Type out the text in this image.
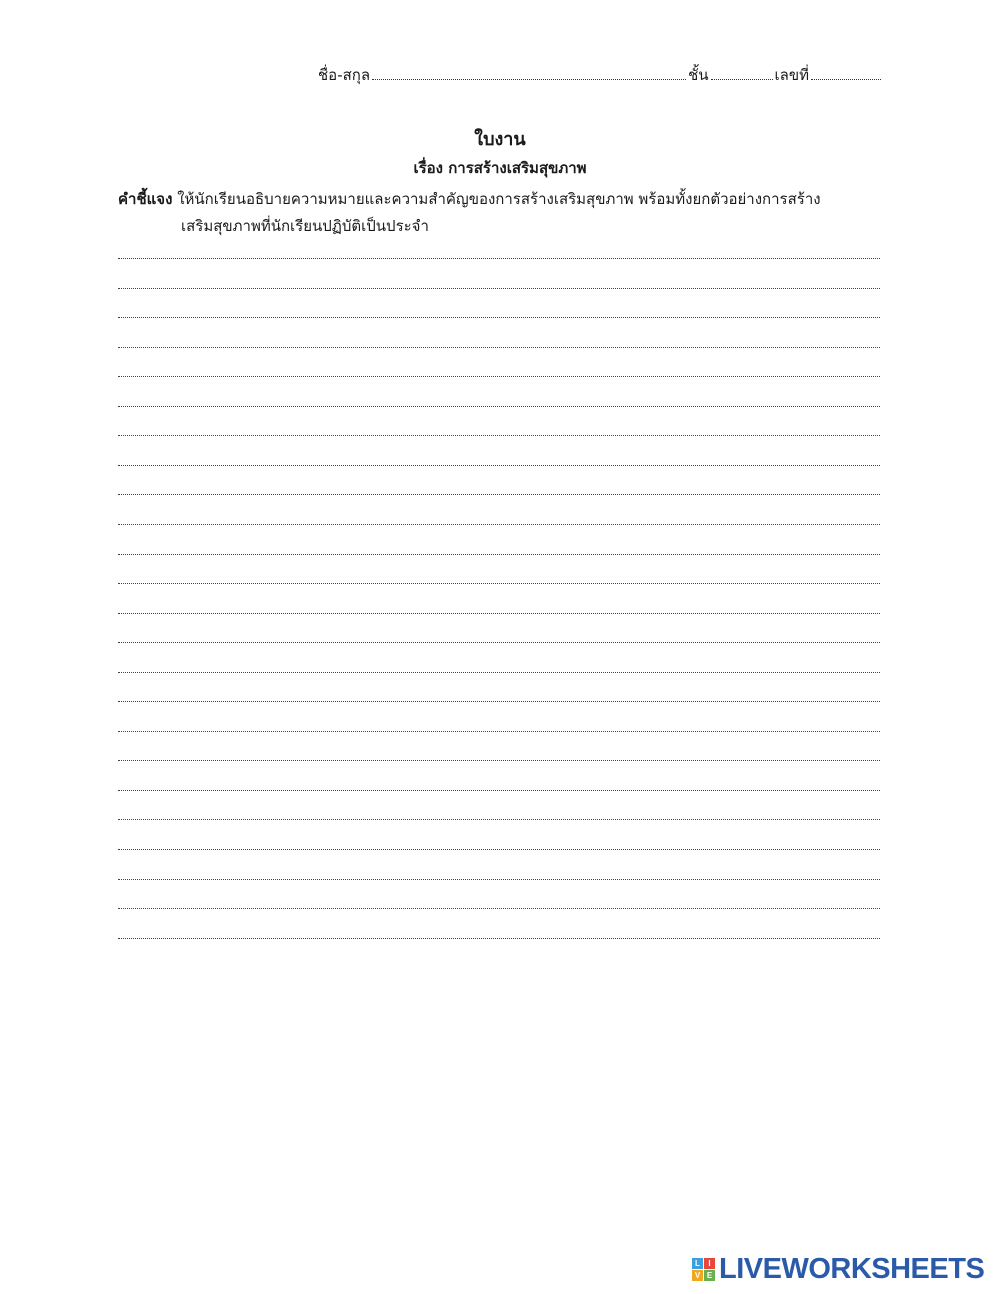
ชื่อ-สกุล	ชั้น	เลขที่
ใบงาน
เรื่อง การสร้างเสริมสุขภาพ
คำชี้แจง ให้นักเรียนอธิบายความหมายและความสำคัญของการสร้างเสริมสุขภาพ พร้อมทั้งยกตัวอย่างการสร้าง
เสริมสุขภาพที่นักเรียนปฏิบัติเป็นประจำ
L	I
V E LIVEWORKSHEETS
